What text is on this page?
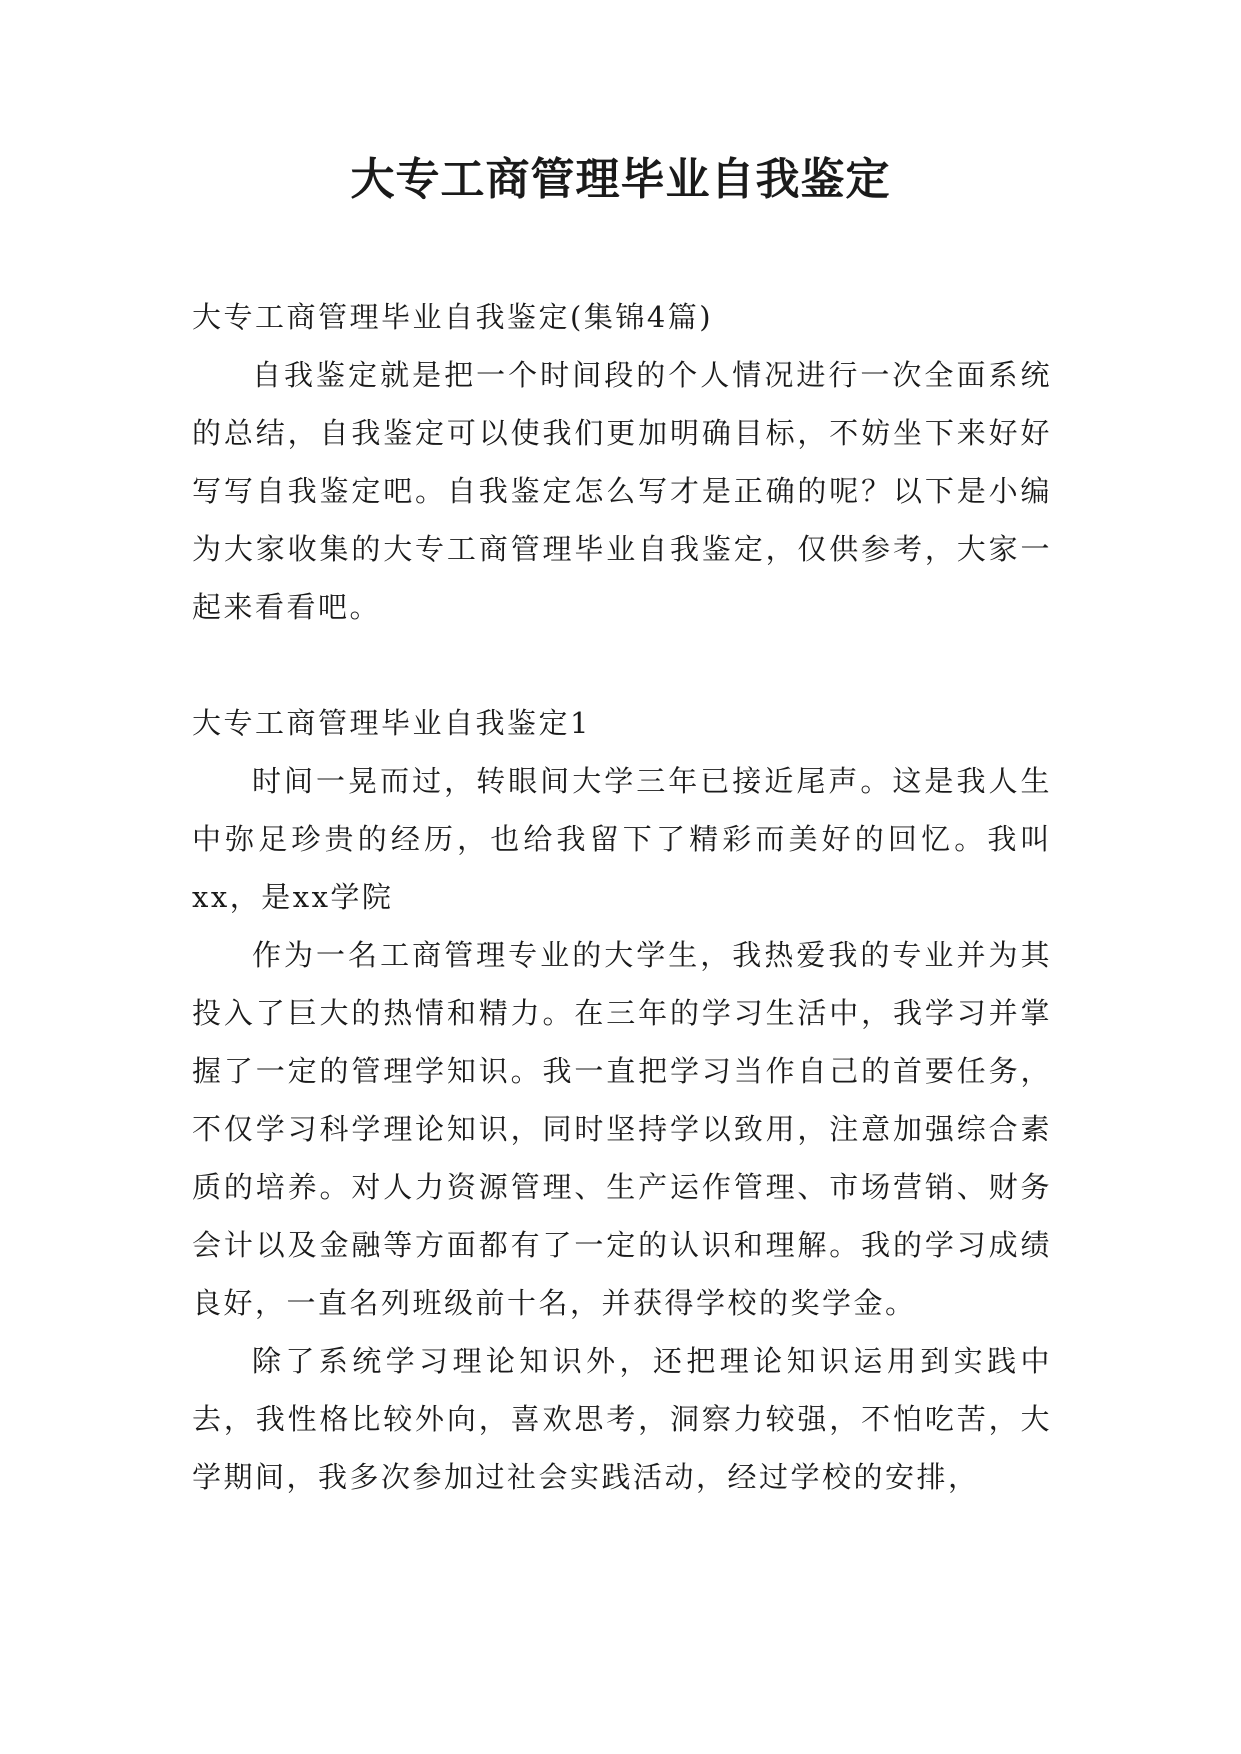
大专工商管理毕业自我鉴定

大专工商管理毕业自我鉴定(集锦4篇)

自我鉴定就是把一个时间段的个人情况进行一次全面系统的总结，自我鉴定可以使我们更加明确目标，不妨坐下来好好写写自我鉴定吧。自我鉴定怎么写才是正确的呢？以下是小编为大家收集的大专工商管理毕业自我鉴定，仅供参考，大家一起来看看吧。

大专工商管理毕业自我鉴定1

时间一晃而过，转眼间大学三年已接近尾声。这是我人生中弥足珍贵的经历，也给我留下了精彩而美好的回忆。我叫xx，是xx学院

作为一名工商管理专业的大学生，我热爱我的专业并为其投入了巨大的热情和精力。在三年的学习生活中，我学习并掌握了一定的管理学知识。我一直把学习当作自己的首要任务，不仅学习科学理论知识，同时坚持学以致用，注意加强综合素质的培养。对人力资源管理、生产运作管理、市场营销、财务会计以及金融等方面都有了一定的认识和理解。我的学习成绩良好，一直名列班级前十名，并获得学校的奖学金。

除了系统学习理论知识外，还把理论知识运用到实践中去，我性格比较外向，喜欢思考，洞察力较强，不怕吃苦，大学期间，我多次参加过社会实践活动，经过学校的安排，
